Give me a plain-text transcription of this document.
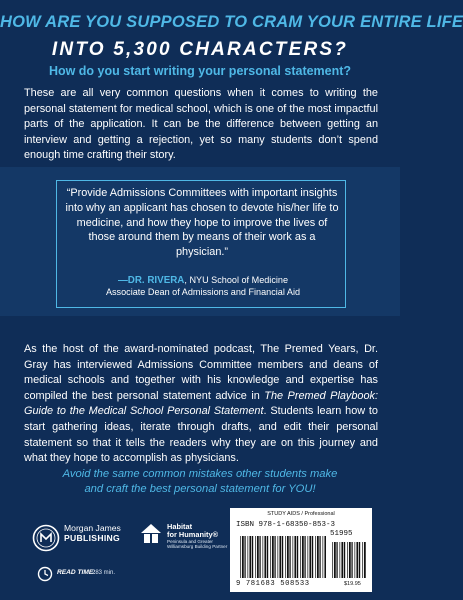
HOW ARE YOU SUPPOSED TO CRAM YOUR ENTIRE LIFE
INTO 5,300 CHARACTERS?
How do you start writing your personal statement?

These are all very common questions when it comes to writing the personal statement for medical school, which is one of the most impactful parts of the application. It can be the difference between getting an interview and getting a rejection, yet so many students don’t spend enough time crafting their story.

“Provide Admissions Committees with important insights into why an applicant has chosen to devote his/her life to medicine, and how they hope to improve the lives of those around them by means of their work as a physician.”

—DR. RIVERA, NYU School of Medicine
Associate Dean of Admissions and Financial Aid

As the host of the award-nominated podcast, The Premed Years, Dr. Gray has interviewed Admissions Committee members and deans of medical schools and together with his knowledge and expertise has compiled the best personal statement advice in The Premed Playbook: Guide to the Medical School Personal Statement. Students learn how to start gathering ideas, iterate through drafts, and edit their personal statement so that it tells the readers why they are on this journey and what they hope to accomplish as physicians.

Avoid the same common mistakes other students make
and craft the best personal statement for YOU!
Morgan James
PUBLISHING
Habitat
for Humanity®
Peninsula and Greater
Williamsburg Building Partner
READ TIME:
283 min.
STUDY AIDS / Professional
ISBN 978-1-68350-853-3
51995
9 781683 508533	$19.95
